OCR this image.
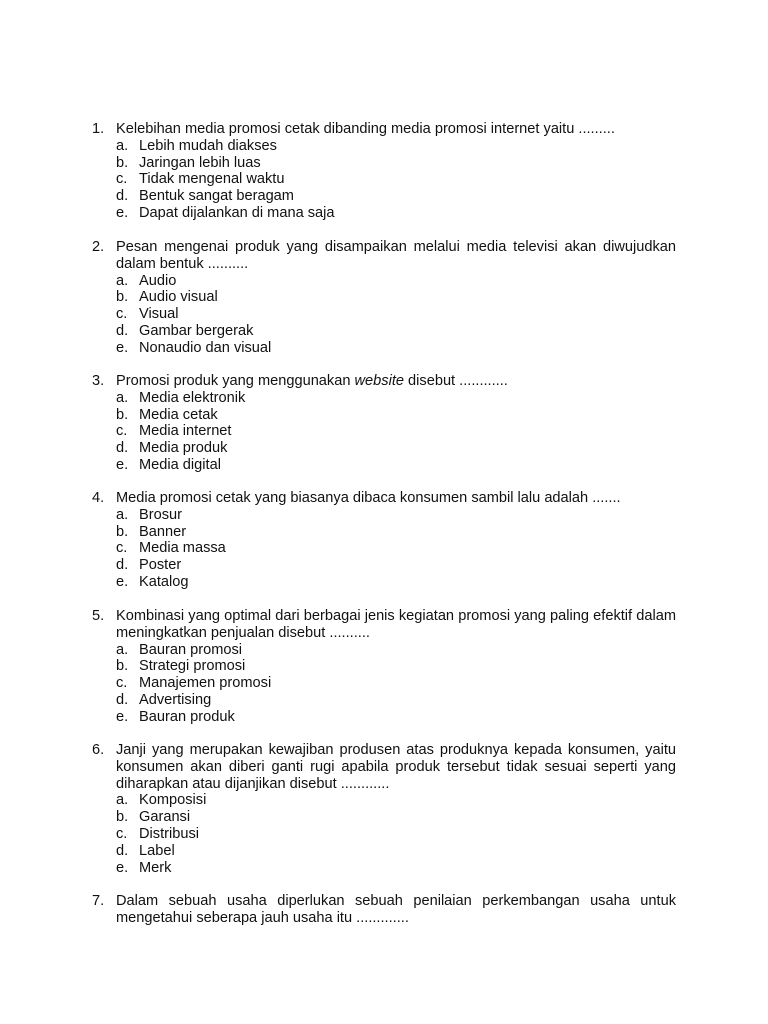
1. Kelebihan media promosi cetak dibanding media promosi internet yaitu .........
a. Lebih mudah diakses
b. Jaringan lebih luas
c. Tidak mengenal waktu
d. Bentuk sangat beragam
e. Dapat dijalankan di mana saja
2. Pesan mengenai produk yang disampaikan melalui media televisi akan diwujudkan dalam bentuk ..........
a. Audio
b. Audio visual
c. Visual
d. Gambar bergerak
e. Nonaudio dan visual
3. Promosi produk yang menggunakan website disebut ............
a. Media elektronik
b. Media cetak
c. Media internet
d. Media produk
e. Media digital
4. Media promosi cetak yang biasanya dibaca konsumen sambil lalu adalah .......
a. Brosur
b. Banner
c. Media massa
d. Poster
e. Katalog
5. Kombinasi yang optimal dari berbagai jenis kegiatan promosi yang paling efektif dalam meningkatkan penjualan disebut ..........
a. Bauran promosi
b. Strategi promosi
c. Manajemen promosi
d. Advertising
e. Bauran produk
6. Janji yang merupakan kewajiban produsen atas produknya kepada konsumen, yaitu konsumen akan diberi ganti rugi apabila produk tersebut tidak sesuai seperti yang diharapkan atau dijanjikan disebut ............
a. Komposisi
b. Garansi
c. Distribusi
d. Label
e. Merk
7. Dalam sebuah usaha diperlukan sebuah penilaian perkembangan usaha untuk mengetahui seberapa jauh usaha itu .............
